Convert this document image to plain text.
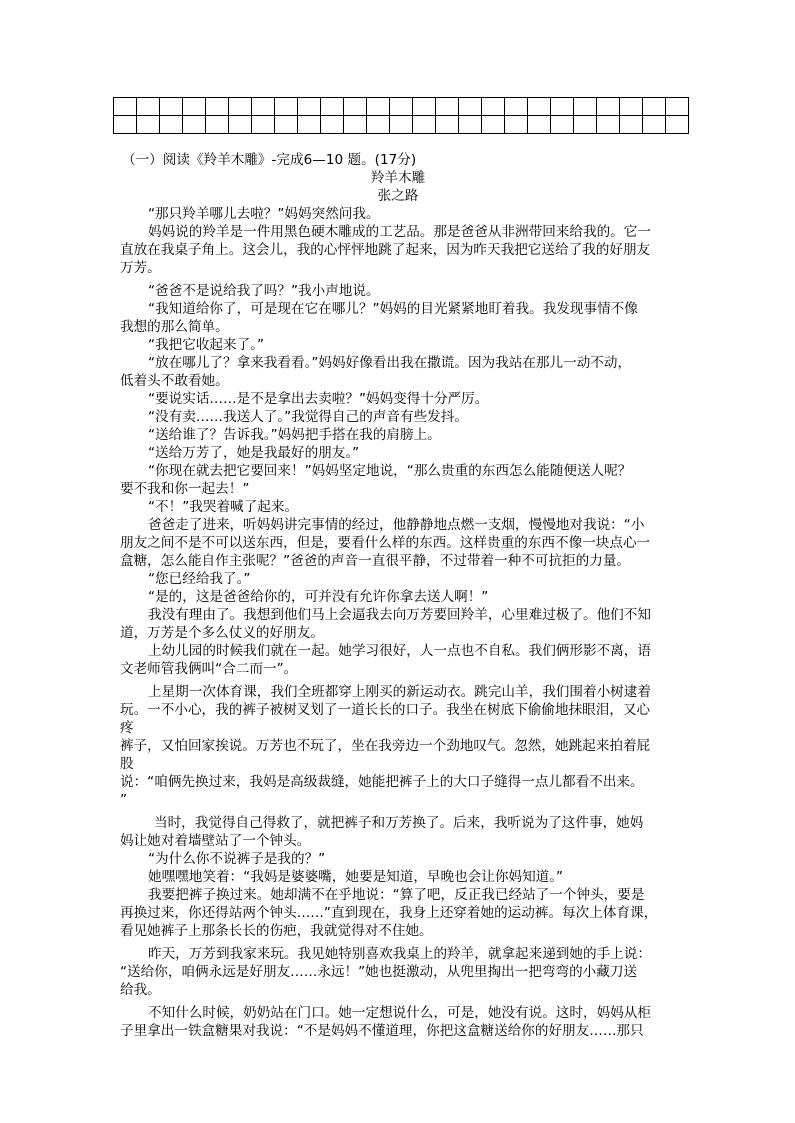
（一）阅读《羚羊木雕》-完成6—10 题。(17分)
羚羊木雕
张之路
“那只羚羊哪儿去啦？”妈妈突然问我。
妈妈说的羚羊是一件用黑色硬木雕成的工艺品。那是爸爸从非洲带回来给我的。它一
直放在我桌子角上。这会儿，我的心怦怦地跳了起来，因为昨天我把它送给了我的好朋友
万芳。
“爸爸不是说给我了吗？”我小声地说。
“我知道给你了，可是现在它在哪儿？”妈妈的目光紧紧地盯着我。我发现事情不像
我想的那么简单。
“我把它收起来了。”
“放在哪儿了？拿来我看看。”妈妈好像看出我在撒谎。因为我站在那儿一动不动，
低着头不敢看她。
“要说实话……是不是拿出去卖啦？”妈妈变得十分严厉。
“没有卖……我送人了。”我觉得自己的声音有些发抖。
“送给谁了？告诉我。”妈妈把手搭在我的肩膀上。
“送给万芳了，她是我最好的朋友。”
“你现在就去把它要回来！”妈妈坚定地说，“那么贵重的东西怎么能随便送人呢？
要不我和你一起去！”
“不！”我哭着喊了起来。
爸爸走了进来，听妈妈讲完事情的经过，他静静地点燃一支烟，慢慢地对我说：“小
朋友之间不是不可以送东西，但是，要看什么样的东西。这样贵重的东西不像一块点心一
盒糖，怎么能自作主张呢？”爸爸的声音一直很平静，不过带着一种不可抗拒的力量。
“您已经给我了。”
“是的，这是爸爸给你的，可并没有允许你拿去送人啊！”
我没有理由了。我想到他们马上会逼我去向万芳要回羚羊，心里难过极了。他们不知
道，万芳是个多么仗义的好朋友。
上幼儿园的时候我们就在一起。她学习很好，人一点也不自私。我们俩形影不离，语
文老师管我俩叫“合二而一”。
上星期一次体育课，我们全班都穿上刚买的新运动衣。跳完山羊，我们围着小树逮着
玩。一不小心，我的裤子被树叉划了一道长长的口子。我坐在树底下偷偷地抹眼泪，又心
疼
裤子，又怕回家挨说。万芳也不玩了，坐在我旁边一个劲地叹气。忽然，她跳起来拍着屁
股
说：“咱俩先换过来，我妈是高级裁缝，她能把裤子上的大口子缝得一点儿都看不出来。
”
当时，我觉得自己得救了，就把裤子和万芳换了。后来，我听说为了这件事，她妈
妈让她对着墙壁站了一个钟头。
“为什么你不说裤子是我的？”
她嘿嘿地笑着：“我妈是婆婆嘴，她要是知道，早晚也会让你妈知道。”
我要把裤子换过来。她却满不在乎地说：“算了吧，反正我已经站了一个钟头，要是
再换过来，你还得站两个钟头……”直到现在，我身上还穿着她的运动裤。每次上体育课，
看见她裤子上那条长长的伤疤，我就觉得对不住她。
昨天，万芳到我家来玩。我见她特别喜欢我桌上的羚羊，就拿起来递到她的手上说：
“送给你，咱俩永远是好朋友……永远！”她也挺激动，从兜里掏出一把弯弯的小藏刀送
给我。
不知什么时候，奶奶站在门口。她一定想说什么，可是，她没有说。这时，妈妈从柜
子里拿出一铁盒糖果对我说：“不是妈妈不懂道理，你把这盒糖送给你的好朋友……那只
